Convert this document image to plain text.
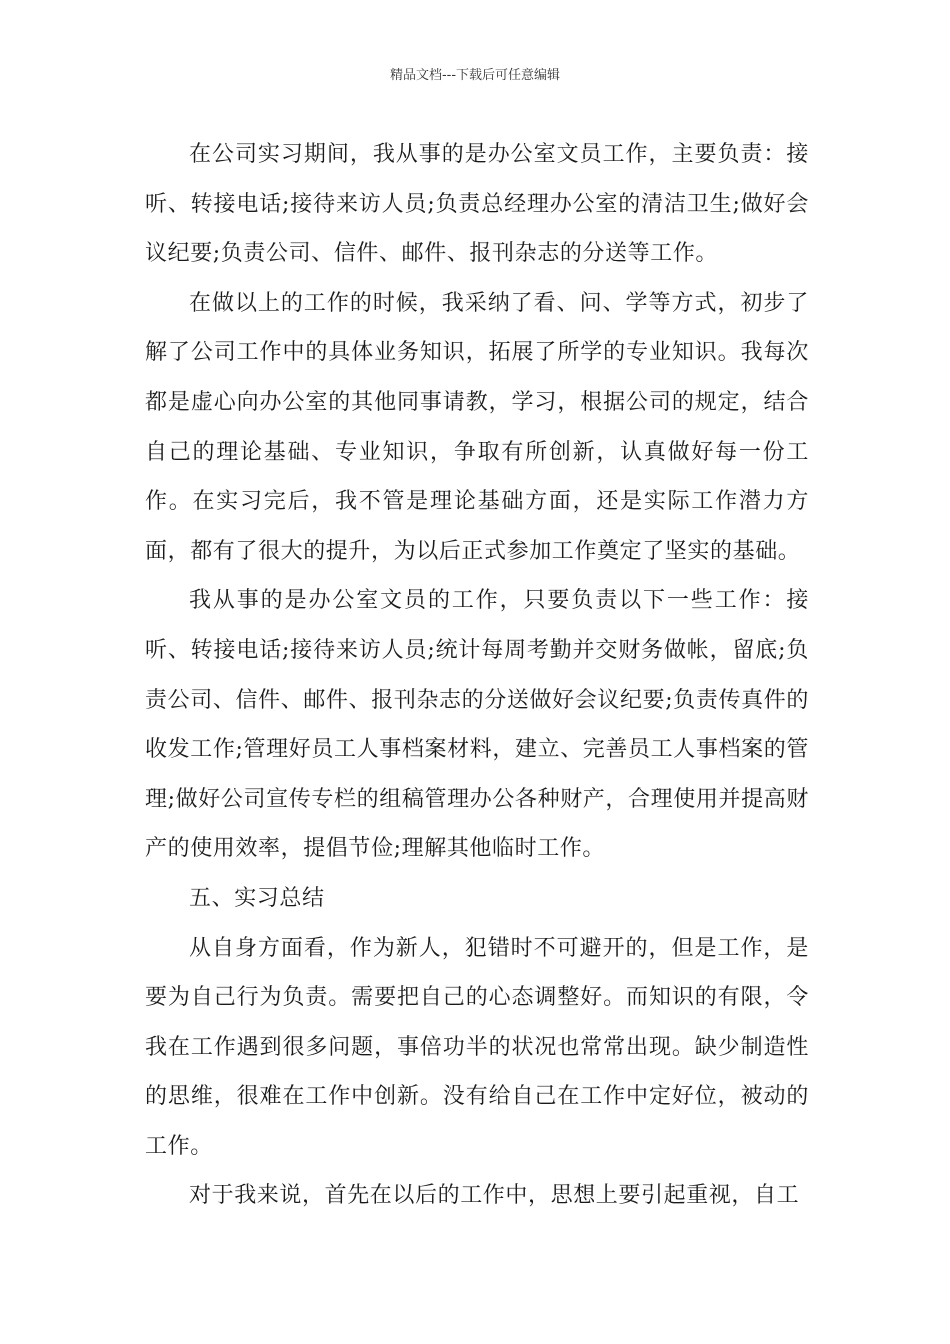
精品文档---下载后可任意编辑

在公司实习期间，我从事的是办公室文员工作，主要负责：接听、转接电话;接待来访人员;负责总经理办公室的清洁卫生;做好会议纪要;负责公司、信件、邮件、报刊杂志的分送等工作。

在做以上的工作的时候，我采纳了看、问、学等方式，初步了解了公司工作中的具体业务知识，拓展了所学的专业知识。我每次都是虚心向办公室的其他同事请教，学习，根据公司的规定，结合自己的理论基础、专业知识，争取有所创新，认真做好每一份工作。在实习完后，我不管是理论基础方面，还是实际工作潜力方面，都有了很大的提升，为以后正式参加工作奠定了坚实的基础。

我从事的是办公室文员的工作，只要负责以下一些工作：接听、转接电话;接待来访人员;统计每周考勤并交财务做帐，留底;负责公司、信件、邮件、报刊杂志的分送做好会议纪要;负责传真件的收发工作;管理好员工人事档案材料，建立、完善员工人事档案的管理;做好公司宣传专栏的组稿管理办公各种财产，合理使用并提高财产的使用效率，提倡节俭;理解其他临时工作。

五、实习总结

从自身方面看，作为新人，犯错时不可避开的，但是工作，是要为自己行为负责。需要把自己的心态调整好。而知识的有限，令我在工作遇到很多问题，事倍功半的状况也常常出现。缺少制造性的思维，很难在工作中创新。没有给自己在工作中定好位，被动的工作。

对于我来说，首先在以后的工作中，思想上要引起重视，自工
